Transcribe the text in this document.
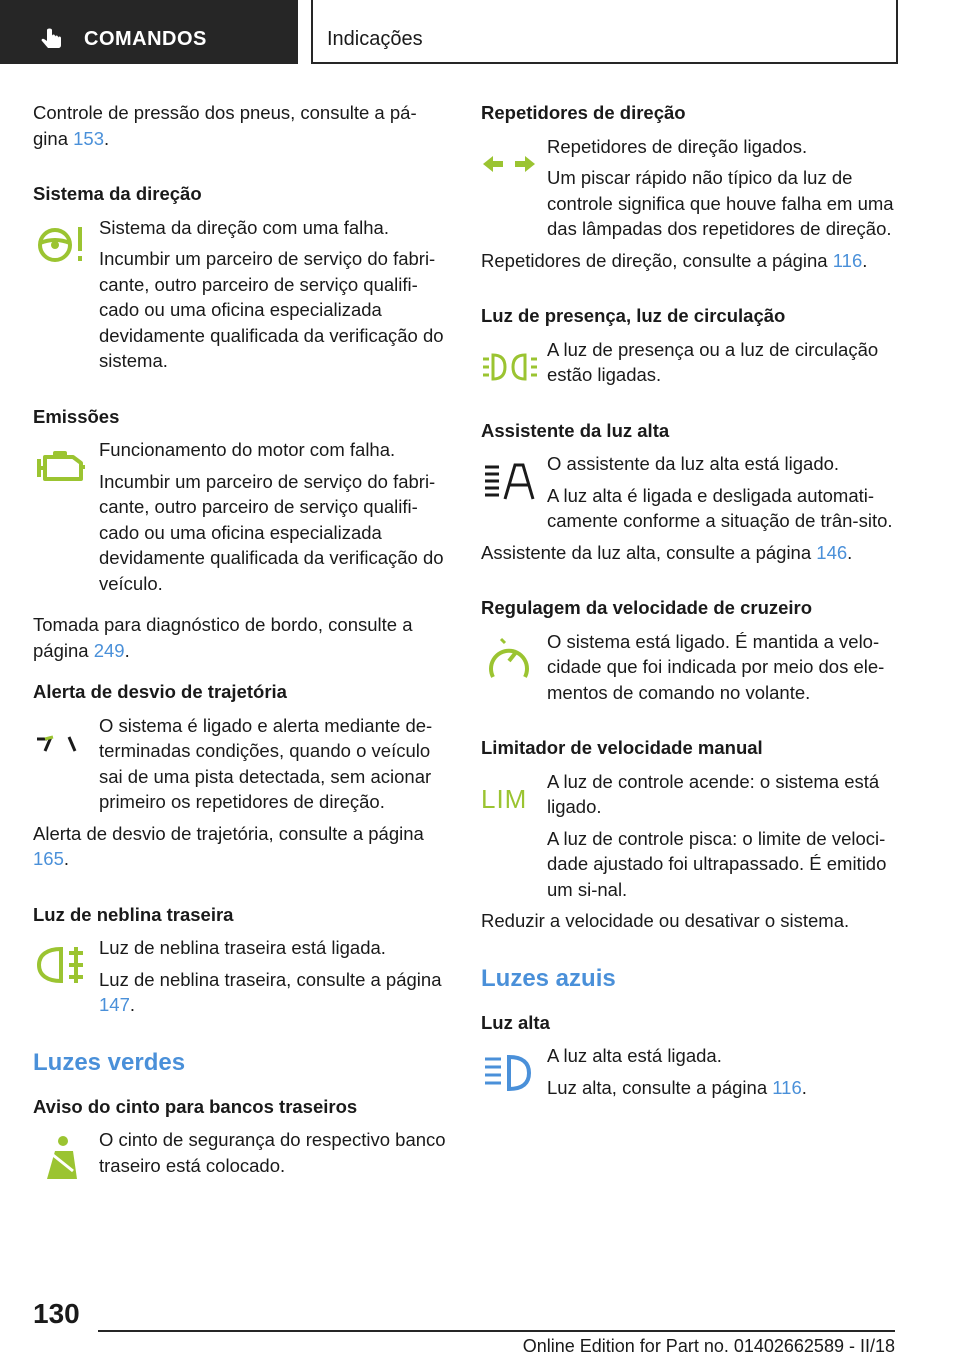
COMANDOS	Indicações

Controle de pressão dos pneus, consulte a pá-gina 153.

Sistema da direção

Sistema da direção com uma falha.

Incumbir um parceiro de serviço do fabri-cante, outro parceiro de serviço qualifi-cado ou uma oficina especializada devidamente qualificada da verificação do sistema.

Emissões

Funcionamento do motor com falha.

Incumbir um parceiro de serviço do fabri-cante, outro parceiro de serviço qualifi-cado ou uma oficina especializada devidamente qualificada da verificação do veículo.

Tomada para diagnóstico de bordo, consulte a página 249.

Alerta de desvio de trajetória

O sistema é ligado e alerta mediante de-terminadas condições, quando o veículo sai de uma pista detectada, sem acionar primeiro os repetidores de direção.

Alerta de desvio de trajetória, consulte a página 165.

Luz de neblina traseira

Luz de neblina traseira está ligada.

Luz de neblina traseira, consulte a página 147.

Luzes verdes

Aviso do cinto para bancos traseiros

O cinto de segurança do respectivo banco traseiro está colocado.

Repetidores de direção

Repetidores de direção ligados.

Um piscar rápido não típico da luz de controle significa que houve falha em uma das lâmpadas dos repetidores de direção.

Repetidores de direção, consulte a página 116.

Luz de presença, luz de circulação

A luz de presença ou a luz de circulação estão ligadas.

Assistente da luz alta

O assistente da luz alta está ligado.

A luz alta é ligada e desligada automati-camente conforme a situação de trân-sito.

Assistente da luz alta, consulte a página 146.

Regulagem da velocidade de cruzeiro

O sistema está ligado. É mantida a velo-cidade que foi indicada por meio dos ele-mentos de comando no volante.

Limitador de velocidade manual

LIM

A luz de controle acende: o sistema está ligado.

A luz de controle pisca: o limite de veloci-dade ajustado foi ultrapassado. É emitido um si-nal.

Reduzir a velocidade ou desativar o sistema.

Luzes azuis

Luz alta

A luz alta está ligada.

Luz alta, consulte a página 116.

130
Online Edition for Part no. 01402662589 - II/18
